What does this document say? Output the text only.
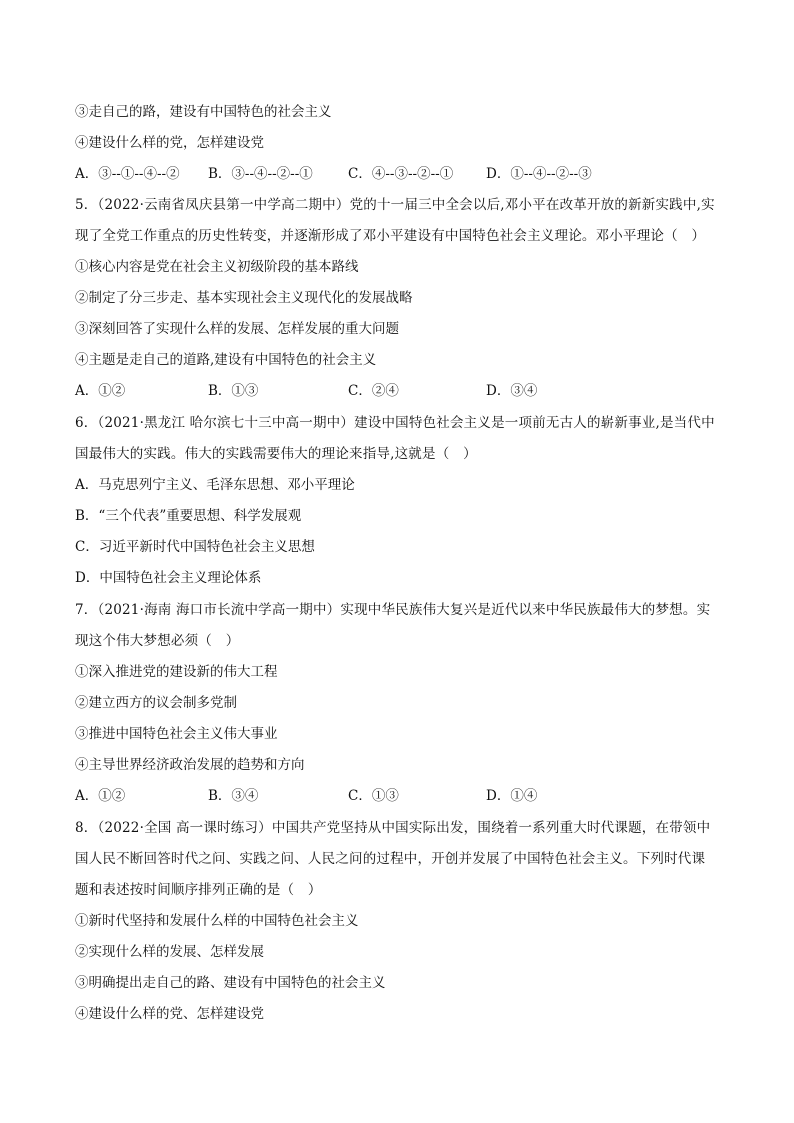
③走自己的路，建设有中国特色的社会主义
④建设什么样的党，怎样建设党
A．③--①--④--② B．③--④--②--①	C．④--③--②--① D．①--④--②--③
5．（2022·云南省凤庆县第一中学高二期中）党的十一届三中全会以后,邓小平在改革开放的新新实践中,实
现了全党工作重点的历史性转变，并逐渐形成了邓小平建设有中国特色社会主义理论。邓小平理论（　）
①核心内容是党在社会主义初级阶段的基本路线
②制定了分三步走、基本实现社会主义现代化的发展战略
③深刻回答了实现什么样的发展、怎样发展的重大问题
④主题是走自己的道路,建设有中国特色的社会主义
A．①②	B．①③	C．②④	D．③④
6．（2021·黑龙江 哈尔滨七十三中高一期中）建设中国特色社会主义是一项前无古人的崭新事业,是当代中
国最伟大的实践。伟大的实践需要伟大的理论来指导,这就是（　）
A．马克思列宁主义、毛泽东思想、邓小平理论
B．“三个代表”重要思想、科学发展观
C．习近平新时代中国特色社会主义思想
D．中国特色社会主义理论体系
7．（2021·海南 海口市长流中学高一期中）实现中华民族伟大复兴是近代以来中华民族最伟大的梦想。实
现这个伟大梦想必须（　）
①深入推进党的建设新的伟大工程
②建立西方的议会制多党制
③推进中国特色社会主义伟大事业
④主导世界经济政治发展的趋势和方向
A．①②	B．③④	C．①③	D．①④
8．（2022·全国 高一课时练习）中国共产党坚持从中国实际出发，围绕着一系列重大时代课题，在带领中
国人民不断回答时代之问、实践之问、人民之问的过程中，开创并发展了中国特色社会主义。下列时代课
题和表述按时间顺序排列正确的是（　）
①新时代坚持和发展什么样的中国特色社会主义
②实现什么样的发展、怎样发展
③明确提出走自己的路、建设有中国特色的社会主义
④建设什么样的党、怎样建设党
